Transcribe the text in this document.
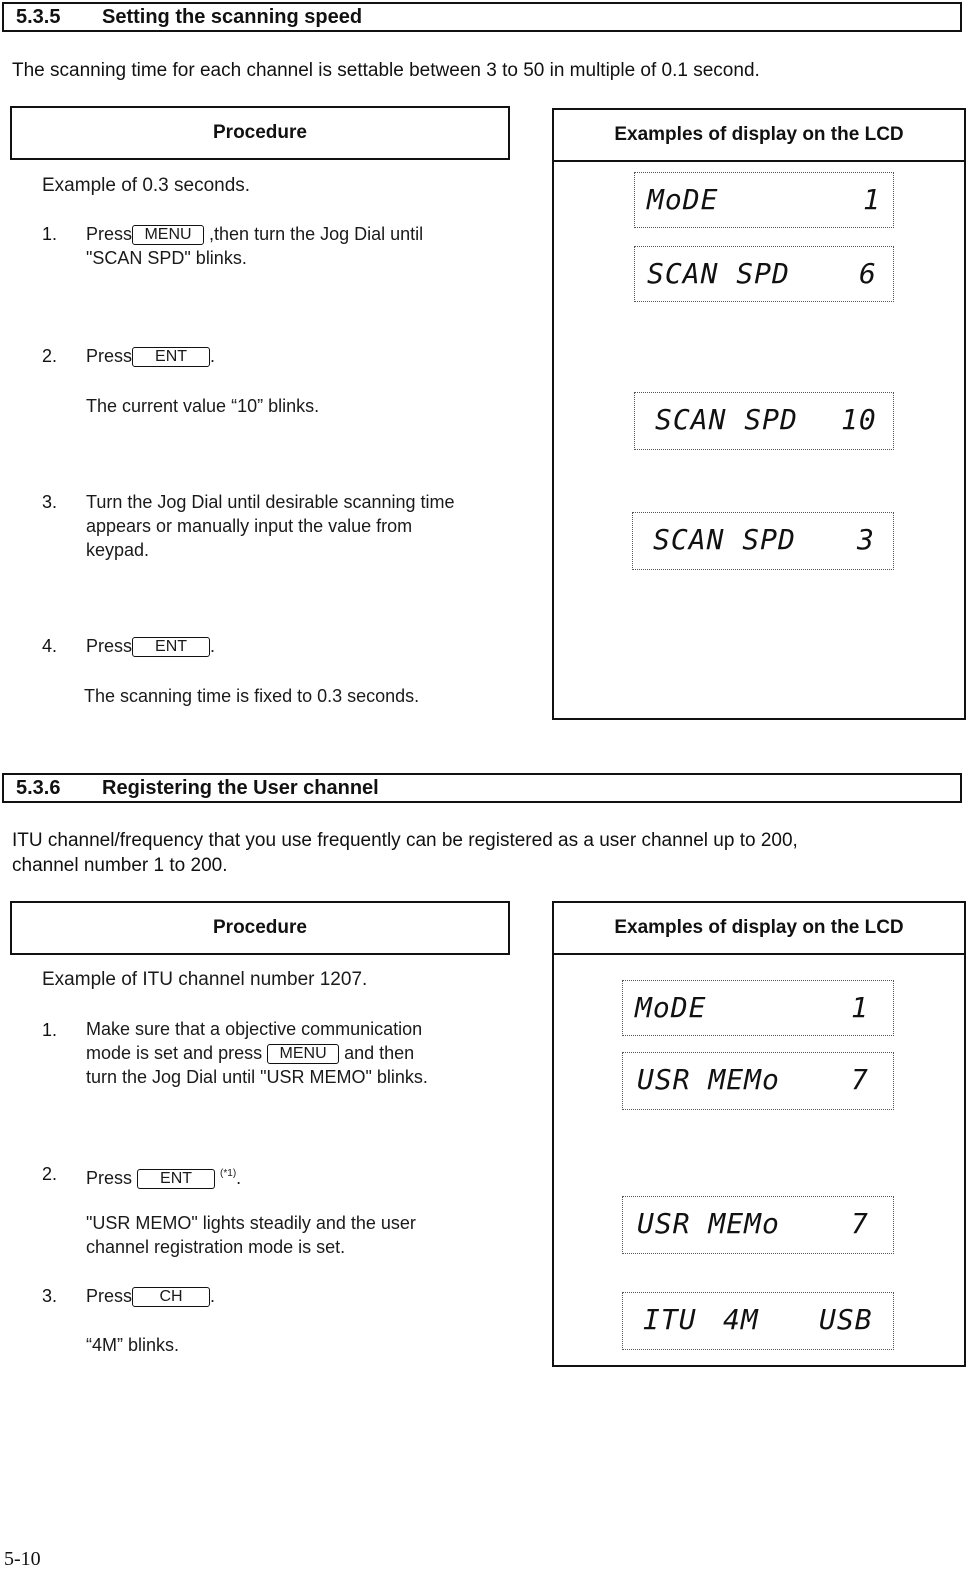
5.3.5 Setting the scanning speed
The scanning time for each channel is settable between 3 to 50 in multiple of 0.1 second.
Procedure	Examples of display on the LCD
Example of 0.3 seconds.
1. Press MENU ,then turn the Jog Dial until
"SCAN SPD" blinks.
2. Press ENT .
The current value “10” blinks.
3. Turn the Jog Dial until desirable scanning time appears or manually input the value from keypad.
4. Press ENT .
The scanning time is fixed to 0.3 seconds.

MoDE

	1

SCAN SPD

6

SCAN SPD

10

SCAN SPD

3

5.3.6 Registering the User channel
ITU channel/frequency that you use frequently can be registered as a user channel up to 200,
channel number 1 to 200.
Procedure	Examples of display on the LCD
Example of ITU channel number 1207.
1. Make sure that a objective communication
mode is set and press MENU and then
turn the Jog Dial until "USR MEMO" blinks.
2. Press ENT	$^{(*1)}$.
"USR MEMO" lights steadily and the user channel registration mode is set.
3. Press CH .
“4M” blinks.

MoDE

	1

USR MEMo

	7

USR MEMo

	7

ITU

4M

USB

5-10
